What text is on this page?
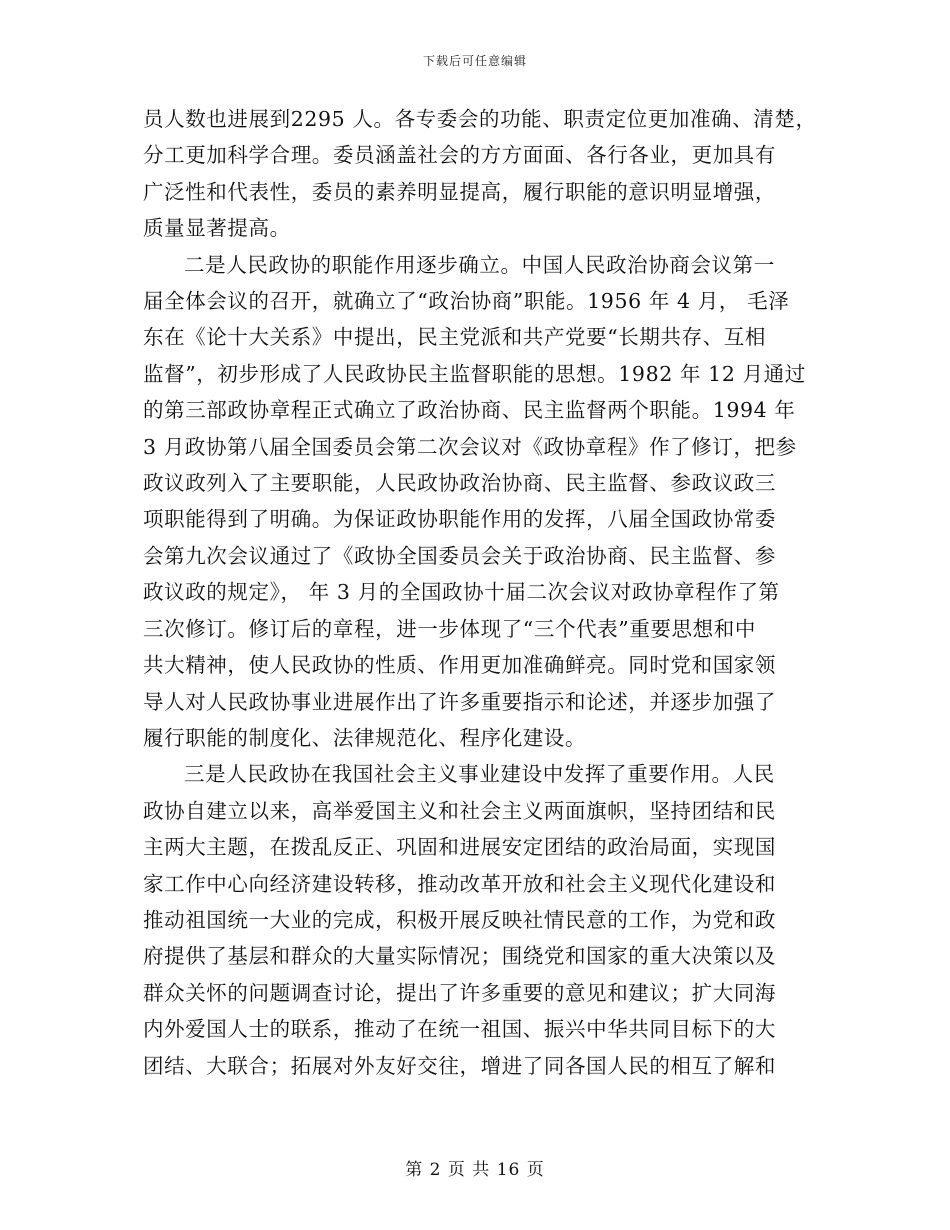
下载后可任意编辑

员人数也进展到2295 人。各专委会的功能、职责定位更加准确、清楚，
分工更加科学合理。委员涵盖社会的方方面面、各行各业，更加具有
广泛性和代表性，委员的素养明显提高，履行职能的意识明显增强，
质量显著提高。

二是人民政协的职能作用逐步确立。中国人民政治协商会议第一
届全体会议的召开，就确立了“政治协商”职能。1956 年 4 月， 毛泽
东在《论十大关系》中提出，民主党派和共产党要“长期共存、互相
监督”，初步形成了人民政协民主监督职能的思想。1982 年 12 月通过
的第三部政协章程正式确立了政治协商、民主监督两个职能。1994 年
3 月政协第八届全国委员会第二次会议对《政协章程》作了修订，把参
政议政列入了主要职能，人民政协政治协商、民主监督、参政议政三
项职能得到了明确。为保证政协职能作用的发挥，八届全国政协常委
会第九次会议通过了《政协全国委员会关于政治协商、民主监督、参
政议政的规定》， 年 3 月的全国政协十届二次会议对政协章程作了第
三次修订。修订后的章程，进一步体现了“三个代表”重要思想和中
共大精神，使人民政协的性质、作用更加准确鲜亮。同时党和国家领
导人对人民政协事业进展作出了许多重要指示和论述，并逐步加强了
履行职能的制度化、法律规范化、程序化建设。

三是人民政协在我国社会主义事业建设中发挥了重要作用。人民
政协自建立以来，高举爱国主义和社会主义两面旗帜，坚持团结和民
主两大主题，在拨乱反正、巩固和进展安定团结的政治局面，实现国
家工作中心向经济建设转移，推动改革开放和社会主义现代化建设和
推动祖国统一大业的完成，积极开展反映社情民意的工作，为党和政
府提供了基层和群众的大量实际情况；围绕党和国家的重大决策以及
群众关怀的问题调查讨论，提出了许多重要的意见和建议；扩大同海
内外爱国人士的联系，推动了在统一祖国、振兴中华共同目标下的大
团结、大联合；拓展对外友好交往，增进了同各国人民的相互了解和

第 2 页 共 16 页
